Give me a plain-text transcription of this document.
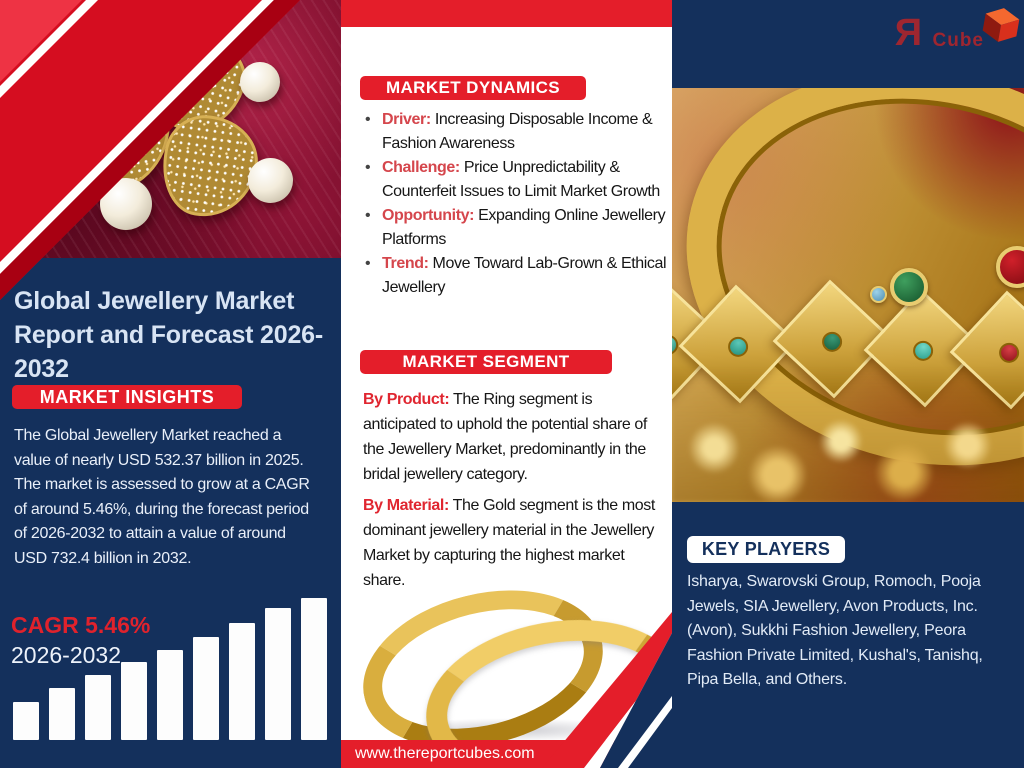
Global Jewellery Market
Report and Forecast 2026-
2032
MARKET INSIGHTS
The Global Jewellery Market reached a value of nearly USD 532.37 billion in 2025. The market is assessed to grow at a CAGR of around 5.46%, during the forecast period of 2026-2032 to attain a value of around USD 732.4 billion in 2032.
CAGR 5.46%
2026-2032
MARKET DYNAMICS
• Driver: Increasing Disposable Income & Fashion Awareness
• Challenge: Price Unpredictability & Counterfeit Issues to Limit Market Growth
• Opportunity: Expanding Online Jewellery Platforms
• Trend: Move Toward Lab-Grown & Ethical Jewellery
MARKET SEGMENT
By Product: The Ring segment is anticipated to uphold the potential share of the Jewellery Market, predominantly in the bridal jewellery category.
By Material: The Gold segment is the most dominant jewellery material in the Jewellery Market by capturing the highest market share.
www.thereportcubes.com
Я Cube
KEY PLAYERS
Isharya, Swarovski Group, Romoch, Pooja Jewels, SIA Jewellery, Avon Products, Inc. (Avon), Sukkhi Fashion Jewellery, Peora Fashion Private Limited, Kushal's, Tanishq, Pipa Bella, and Others.
